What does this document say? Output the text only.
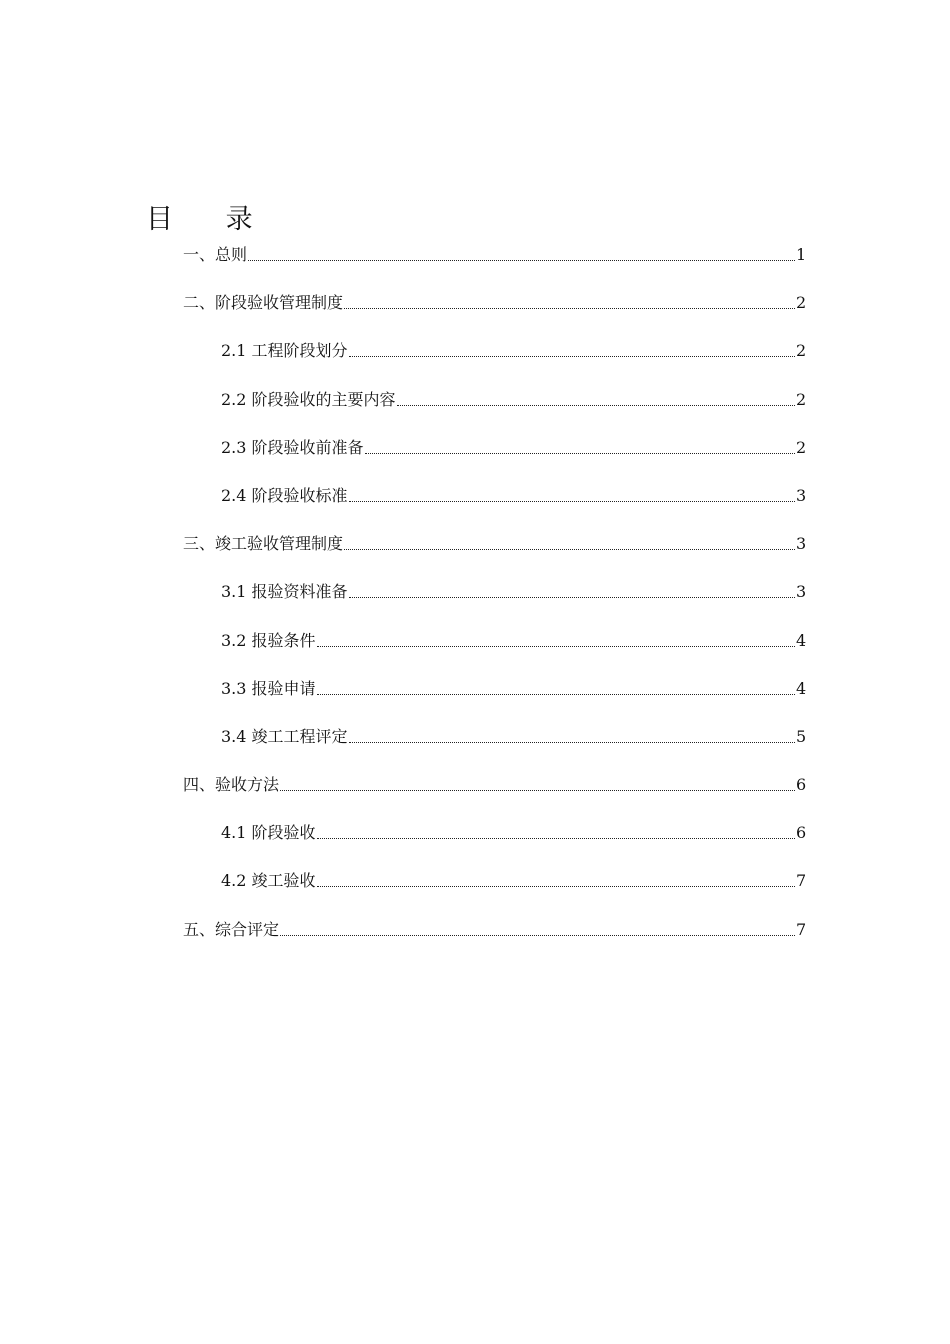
目 录
一、总则	1
二、阶段验收管理制度	2
2.1 工程阶段划分	2
2.2 阶段验收的主要内容	2
2.3 阶段验收前准备	2
2.4 阶段验收标准	3
三、竣工验收管理制度	3
3.1 报验资料准备	3
3.2 报验条件	4
3.3 报验申请	4
3.4 竣工工程评定	5
四、验收方法	6
4.1 阶段验收	6
4.2 竣工验收	7
五、综合评定	7
